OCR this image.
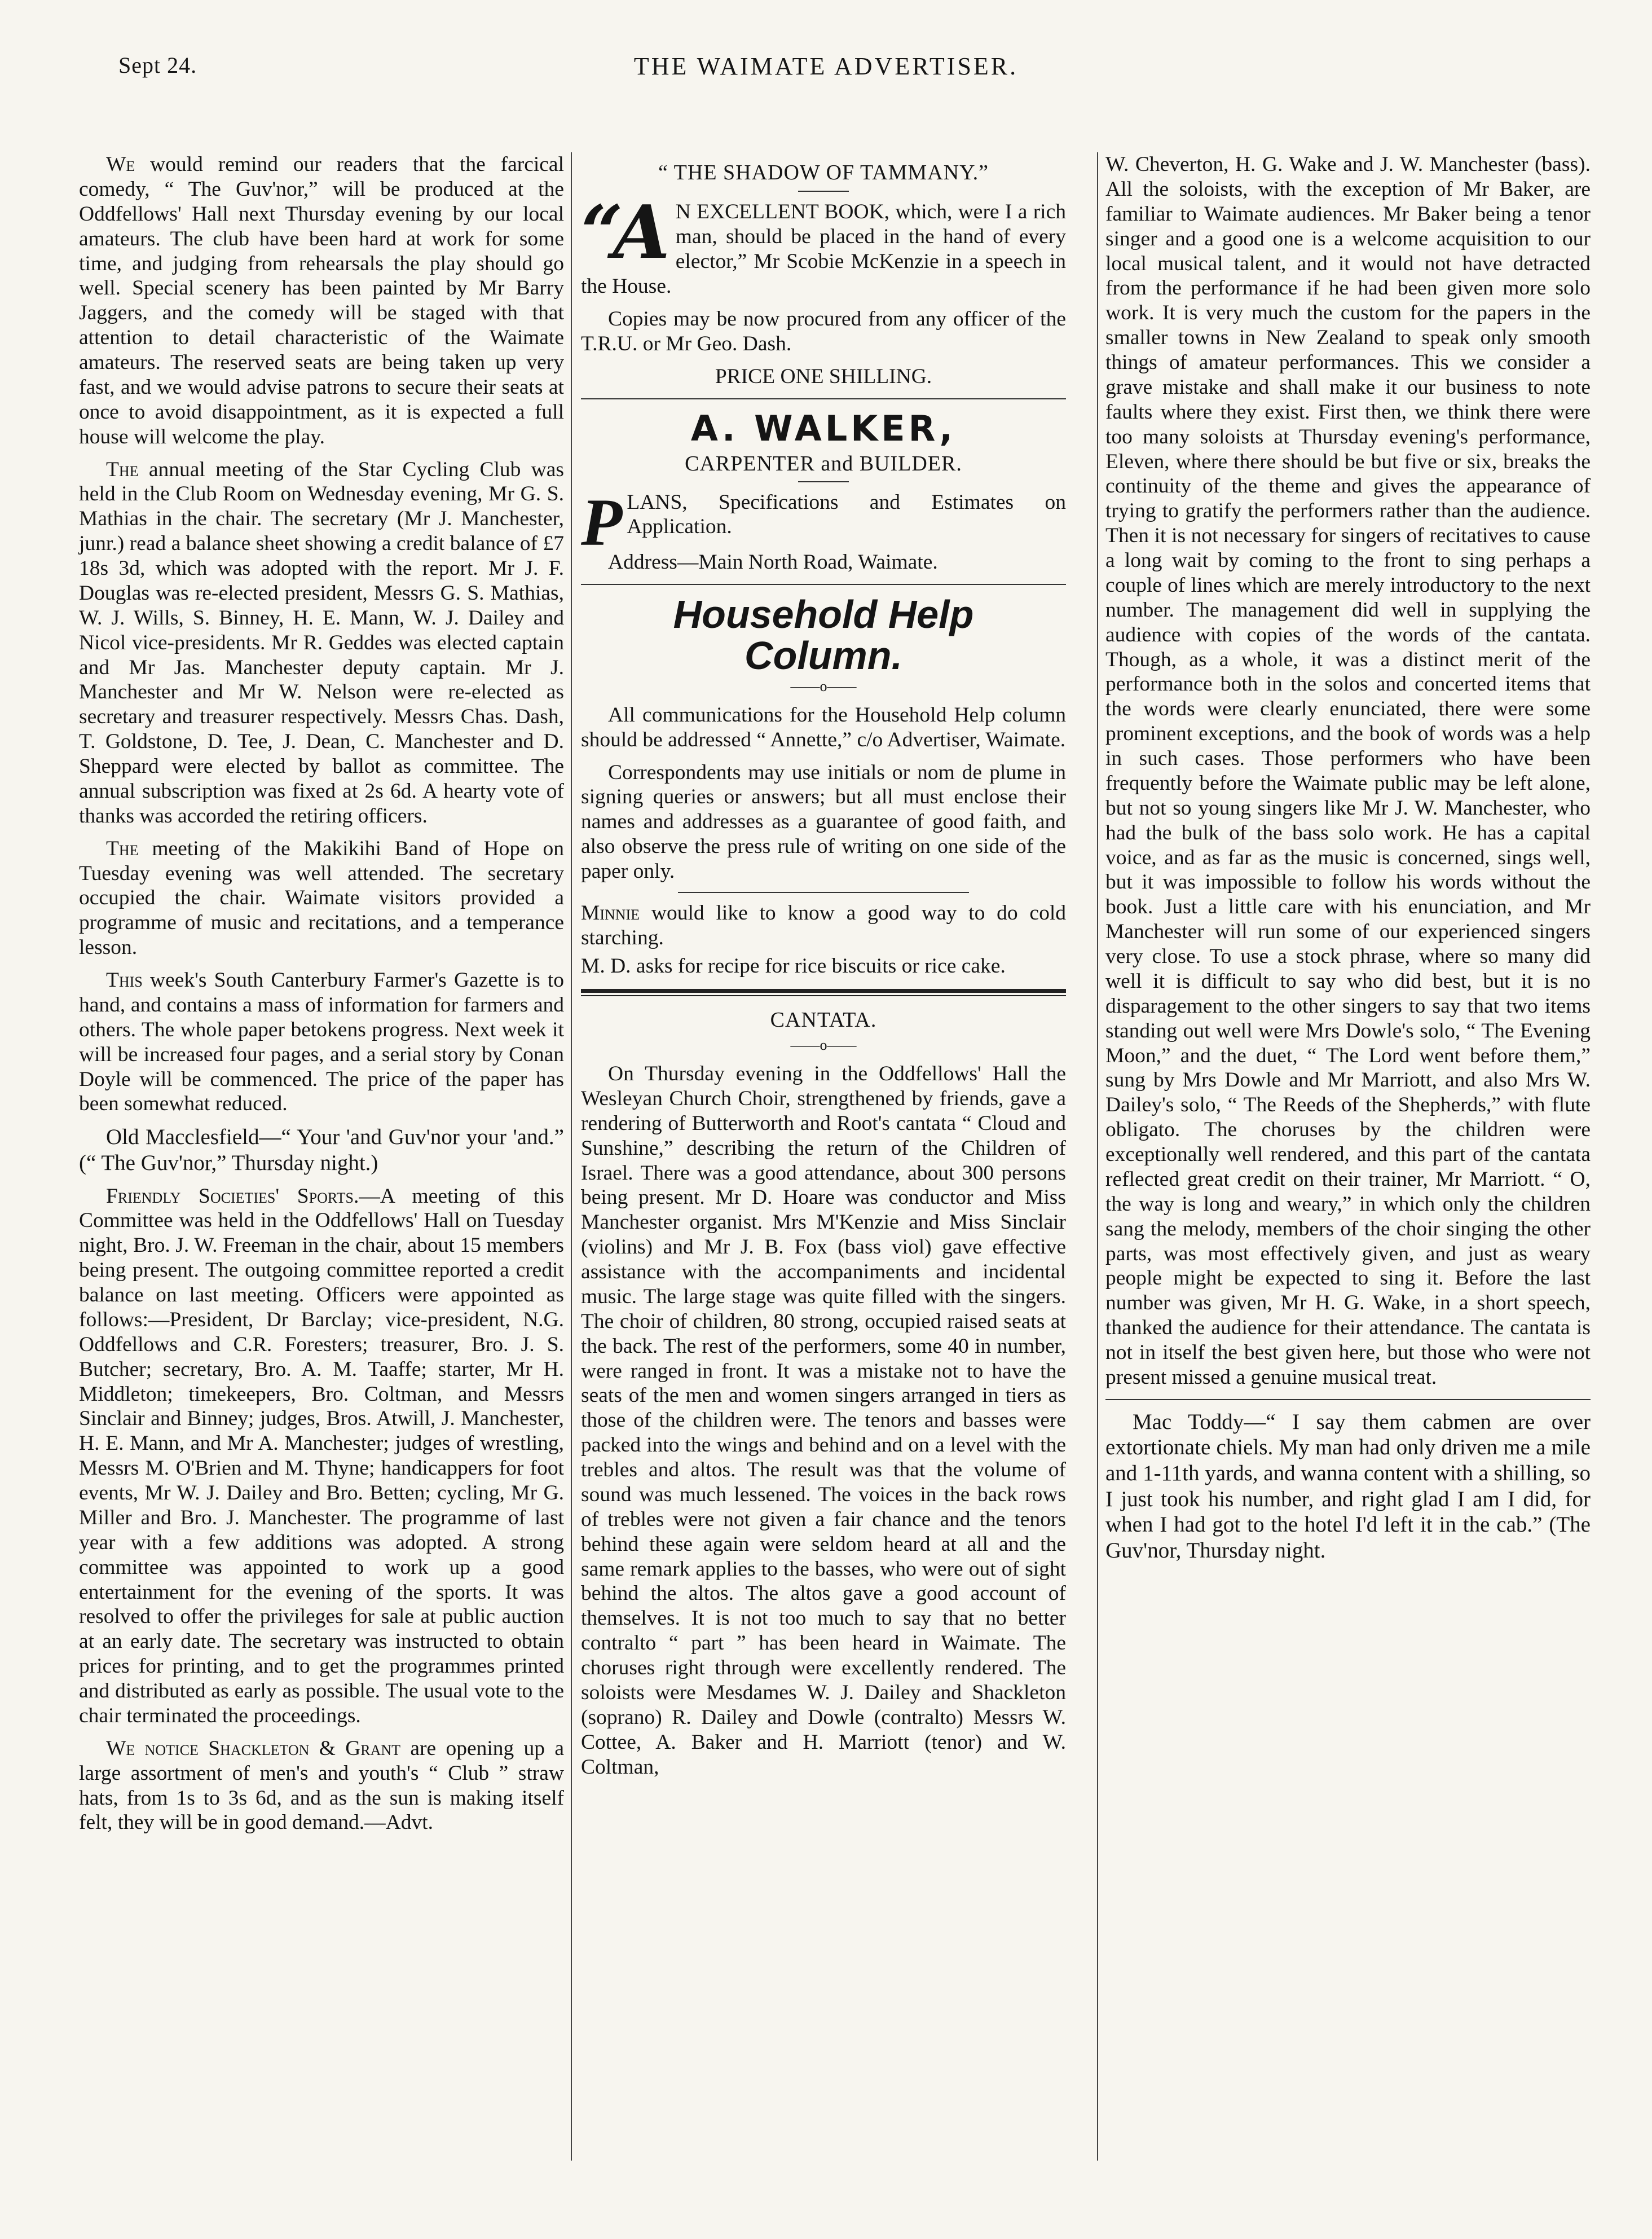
Sept 24.	THE WAIMATE ADVERTISER.

We would remind our readers that the farcical comedy, “ The Guv'nor,” will be produced at the Oddfellows' Hall next Thursday evening by our local amateurs. The club have been hard at work for some time, and judging from rehearsals the play should go well. Special scenery has been painted by Mr Barry Jaggers, and the comedy will be staged with that attention to detail characteristic of the Waimate amateurs. The reserved seats are being taken up very fast, and we would advise patrons to secure their seats at once to avoid disappointment, as it is expected a full house will welcome the play.

The annual meeting of the Star Cycling Club was held in the Club Room on Wednesday evening, Mr G. S. Mathias in the chair. The secretary (Mr J. Manchester, junr.) read a balance sheet showing a credit balance of £7 18s 3d, which was adopted with the report. Mr J. F. Douglas was re-elected president, Messrs G. S. Mathias, W. J. Wills, S. Binney, H. E. Mann, W. J. Dailey and Nicol vice-presidents. Mr R. Geddes was elected captain and Mr Jas. Manchester deputy captain. Mr J. Manchester and Mr W. Nelson were re-elected as secretary and treasurer respectively. Messrs Chas. Dash, T. Goldstone, D. Tee, J. Dean, C. Manchester and D. Sheppard were elected by ballot as committee. The annual subscription was fixed at 2s 6d. A hearty vote of thanks was accorded the retiring officers.

The meeting of the Makikihi Band of Hope on Tuesday evening was well attended. The secretary occupied the chair. Waimate visitors provided a programme of music and recitations, and a temperance lesson.

This week's South Canterbury Farmer's Gazette is to hand, and contains a mass of information for farmers and others. The whole paper betokens progress. Next week it will be increased four pages, and a serial story by Conan Doyle will be commenced. The price of the paper has been somewhat reduced.

Old Macclesfield—“ Your 'and Guv'nor your 'and.” (“ The Guv'nor,” Thursday night.)

Friendly Societies' Sports.—A meeting of this Committee was held in the Oddfellows' Hall on Tuesday night, Bro. J. W. Freeman in the chair, about 15 members being present. The outgoing committee reported a credit balance on last meeting. Officers were appointed as follows:—President, Dr Barclay; vice-president, N.G. Oddfellows and C.R. Foresters; treasurer, Bro. J. S. Butcher; secretary, Bro. A. M. Taaffe; starter, Mr H. Middleton; timekeepers, Bro. Coltman, and Messrs Sinclair and Binney; judges, Bros. Atwill, J. Manchester, H. E. Mann, and Mr A. Manchester; judges of wrestling, Messrs M. O'Brien and M. Thyne; handicappers for foot events, Mr W. J. Dailey and Bro. Betten; cycling, Mr G. Miller and Bro. J. Manchester. The programme of last year with a few additions was adopted. A strong committee was appointed to work up a good entertainment for the evening of the sports. It was resolved to offer the privileges for sale at public auction at an early date. The secretary was instructed to obtain prices for printing, and to get the programmes printed and distributed as early as possible. The usual vote to the chair terminated the proceedings.

We notice Shackleton & Grant are opening up a large assortment of men's and youth's “ Club ” straw hats, from 1s to 3s 6d, and as the sun is making itself felt, they will be in good demand.—Advt.

“ THE SHADOW OF TAMMANY.”

“A N EXCELLENT BOOK, which, were I a rich man, should be placed in the hand of every elector,” Mr Scobie McKenzie in a speech in the House.

Copies may be now procured from any officer of the T.R.U. or Mr Geo. Dash.

PRICE ONE SHILLING.
A. WALKER,
CARPENTER and BUILDER.

PLANS, Specifications and Estimates on Application.

Address—Main North Road, Waimate.

Household Help
Column.
——o——

All communications for the Household Help column should be addressed “ Annette,” c/o Advertiser, Waimate.

Correspondents may use initials or nom de plume in signing queries or answers; but all must enclose their names and addresses as a guarantee of good faith, and also observe the press rule of writing on one side of the paper only.

Minnie would like to know a good way to do cold starching.

M. D. asks for recipe for rice biscuits or rice cake.

CANTATA.
——o——

On Thursday evening in the Oddfellows' Hall the Wesleyan Church Choir, strengthened by friends, gave a rendering of Butterworth and Root's cantata “ Cloud and Sunshine,” describing the return of the Children of Israel. There was a good attendance, about 300 persons being present. Mr D. Hoare was conductor and Miss Manchester organist. Mrs M'Kenzie and Miss Sinclair (violins) and Mr J. B. Fox (bass viol) gave effective assistance with the accompaniments and incidental music. The large stage was quite filled with the singers. The choir of children, 80 strong, occupied raised seats at the back. The rest of the performers, some 40 in number, were ranged in front. It was a mistake not to have the seats of the men and women singers arranged in tiers as those of the children were. The tenors and basses were packed into the wings and behind and on a level with the trebles and altos. The result was that the volume of sound was much lessened. The voices in the back rows of trebles were not given a fair chance and the tenors behind these again were seldom heard at all and the same remark applies to the basses, who were out of sight behind the altos. The altos gave a good account of themselves. It is not too much to say that no better contralto “ part ” has been heard in Waimate. The choruses right through were excellently rendered. The soloists were Mesdames W. J. Dailey and Shackleton (soprano) R. Dailey and Dowle (contralto) Messrs W. Cottee, A. Baker and H. Marriott (tenor) and W. Coltman,

W. Cheverton, H. G. Wake and J. W. Manchester (bass). All the soloists, with the exception of Mr Baker, are familiar to Waimate audiences. Mr Baker being a tenor singer and a good one is a welcome acquisition to our local musical talent, and it would not have detracted from the performance if he had been given more solo work. It is very much the custom for the papers in the smaller towns in New Zealand to speak only smooth things of amateur performances. This we consider a grave mistake and shall make it our business to note faults where they exist. First then, we think there were too many soloists at Thursday evening's performance, Eleven, where there should be but five or six, breaks the continuity of the theme and gives the appearance of trying to gratify the performers rather than the audience. Then it is not necessary for singers of recitatives to cause a long wait by coming to the front to sing perhaps a couple of lines which are merely introductory to the next number. The management did well in supplying the audience with copies of the words of the cantata. Though, as a whole, it was a distinct merit of the performance both in the solos and concerted items that the words were clearly enunciated, there were some prominent exceptions, and the book of words was a help in such cases. Those performers who have been frequently before the Waimate public may be left alone, but not so young singers like Mr J. W. Manchester, who had the bulk of the bass solo work. He has a capital voice, and as far as the music is concerned, sings well, but it was impossible to follow his words without the book. Just a little care with his enunciation, and Mr Manchester will run some of our experienced singers very close. To use a stock phrase, where so many did well it is difficult to say who did best, but it is no disparagement to the other singers to say that two items standing out well were Mrs Dowle's solo, “ The Evening Moon,” and the duet, “ The Lord went before them,” sung by Mrs Dowle and Mr Marriott, and also Mrs W. Dailey's solo, “ The Reeds of the Shepherds,” with flute obligato. The choruses by the children were exceptionally well rendered, and this part of the cantata reflected great credit on their trainer, Mr Marriott. “ O, the way is long and weary,” in which only the children sang the melody, members of the choir singing the other parts, was most effectively given, and just as weary people might be expected to sing it. Before the last number was given, Mr H. G. Wake, in a short speech, thanked the audience for their attendance. The cantata is not in itself the best given here, but those who were not present missed a genuine musical treat.

Mac Toddy—“ I say them cabmen are over extortionate chiels. My man had only driven me a mile and 1-11th yards, and wanna content with a shilling, so I just took his number, and right glad I am I did, for when I had got to the hotel I'd left it in the cab.” (The Guv'nor, Thursday night.
